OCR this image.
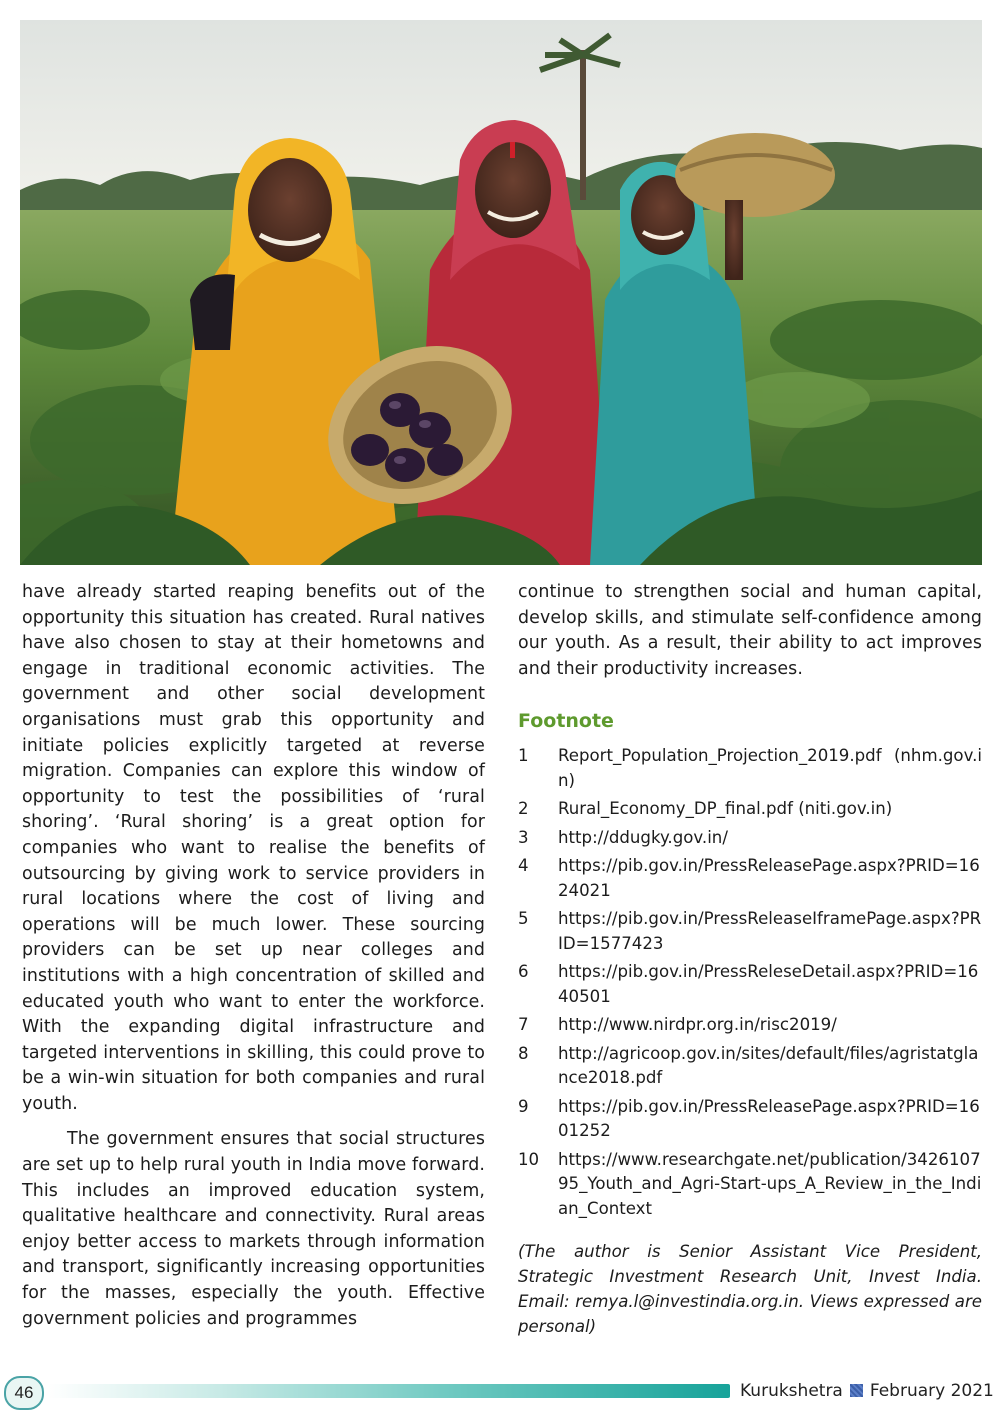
have already started reaping benefits out of the opportunity this situation has created. Rural natives have also chosen to stay at their hometowns and engage in traditional economic activities. The government and other social development organisations must grab this opportunity and initiate policies explicitly targeted at reverse migration. Companies can explore this window of opportunity to test the possibilities of ‘rural shoring’. ‘Rural shoring’ is a great option for companies who want to realise the benefits of outsourcing by giving work to service providers in rural locations where the cost of living and operations will be much lower. These sourcing providers can be set up near colleges and institutions with a high concentration of skilled and educated youth who want to enter the workforce. With the expanding digital infrastructure and targeted interventions in skilling, this could prove to be a win-win situation for both companies and rural youth.

The government ensures that social structures are set up to help rural youth in India move forward. This includes an improved education system, qualitative healthcare and connectivity. Rural areas enjoy better access to markets through information and transport, significantly increasing opportunities for the masses, especially the youth. Effective government policies and programmes

continue to strengthen social and human capital, develop skills, and stimulate self-confidence among our youth. As a result, their ability to act improves and their productivity increases.

Footnote
1	Report_Population_Projection_2019.pdf (nhm.gov.in)
2	Rural_Economy_DP_final.pdf (niti.gov.in)
3	http://ddugky.gov.in/
4	https://pib.gov.in/PressReleasePage.aspx?PRID=1624021
5	https://pib.gov.in/PressReleaseIframePage.aspx?PRID=1577423
6	https://pib.gov.in/PressReleseDetail.aspx?PRID=1640501
7	http://www.nirdpr.org.in/risc2019/
8	http://agricoop.gov.in/sites/default/files/agristatglance2018.pdf
9	https://pib.gov.in/PressReleasePage.aspx?PRID=1601252
10	https://www.researchgate.net/publication/342610795_Youth_and_Agri-Start-ups_A_Review_in_the_Indian_Context

(The author is Senior Assistant Vice President, Strategic Investment Research Unit, Invest India. Email: remya.l@investindia.org.in. Views expressed are personal)

46	Kurukshetra February 2021
